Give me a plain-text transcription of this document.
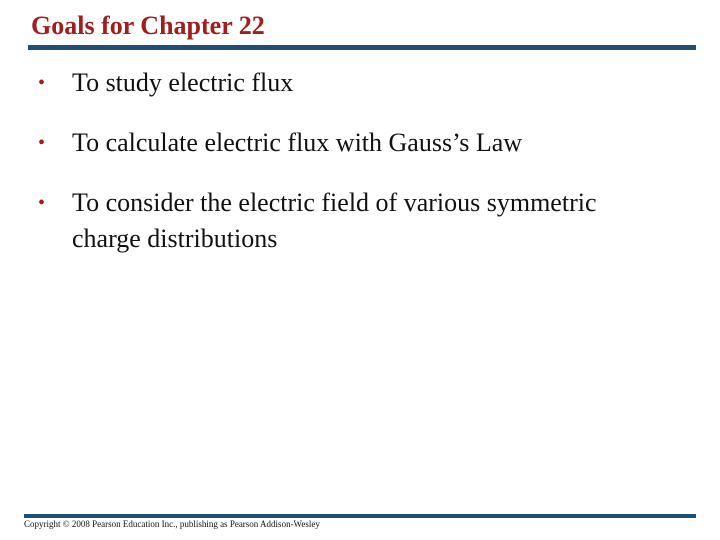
Goals for Chapter 22
•	To study electric flux
•	To calculate electric flux with Gauss’s Law
•	To consider the electric field of various symmetric charge distributions
Copyright © 2008 Pearson Education Inc., publishing as Pearson Addison-Wesley
